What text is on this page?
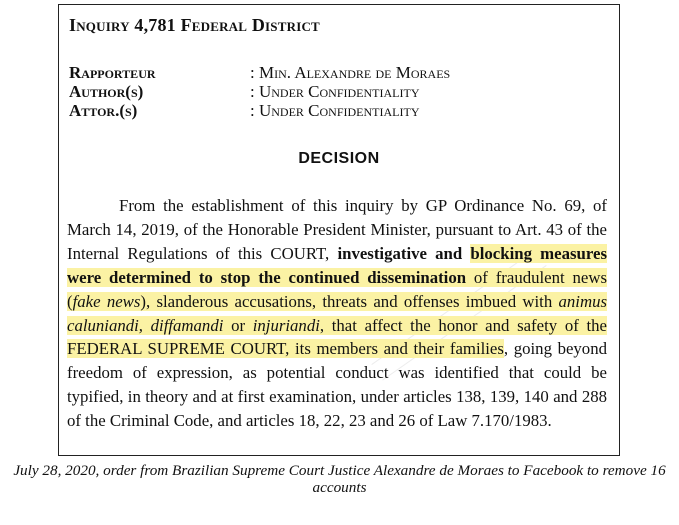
Inquiry 4,781 Federal District
Rapporteur	: Min. Alexandre de Moraes
Author(s)	: Under Confidentiality
Attor.(s)	: Under Confidentiality
DECISION

From the establishment of this inquiry by GP Ordinance No. 69, of March 14, 2019, of the Honorable President Minister, pursuant to Art. 43 of the Internal Regulations of this COURT, investigative and blocking measures were determined to stop the continued dissemination of fraudulent news (fake news), slanderous accusations, threats and offenses imbued with animus caluniandi, diffamandi or injuriandi, that affect the honor and safety of the FEDERAL SUPREME COURT, its members and their families, going beyond freedom of expression, as potential conduct was identified that could be typified, in theory and at first examination, under articles 138, 139, 140 and 288 of the Criminal Code, and articles 18, 22, 23 and 26 of Law 7.170/1983.

July 28, 2020, order from Brazilian Supreme Court Justice Alexandre de Moraes to Facebook to remove 16 accounts
